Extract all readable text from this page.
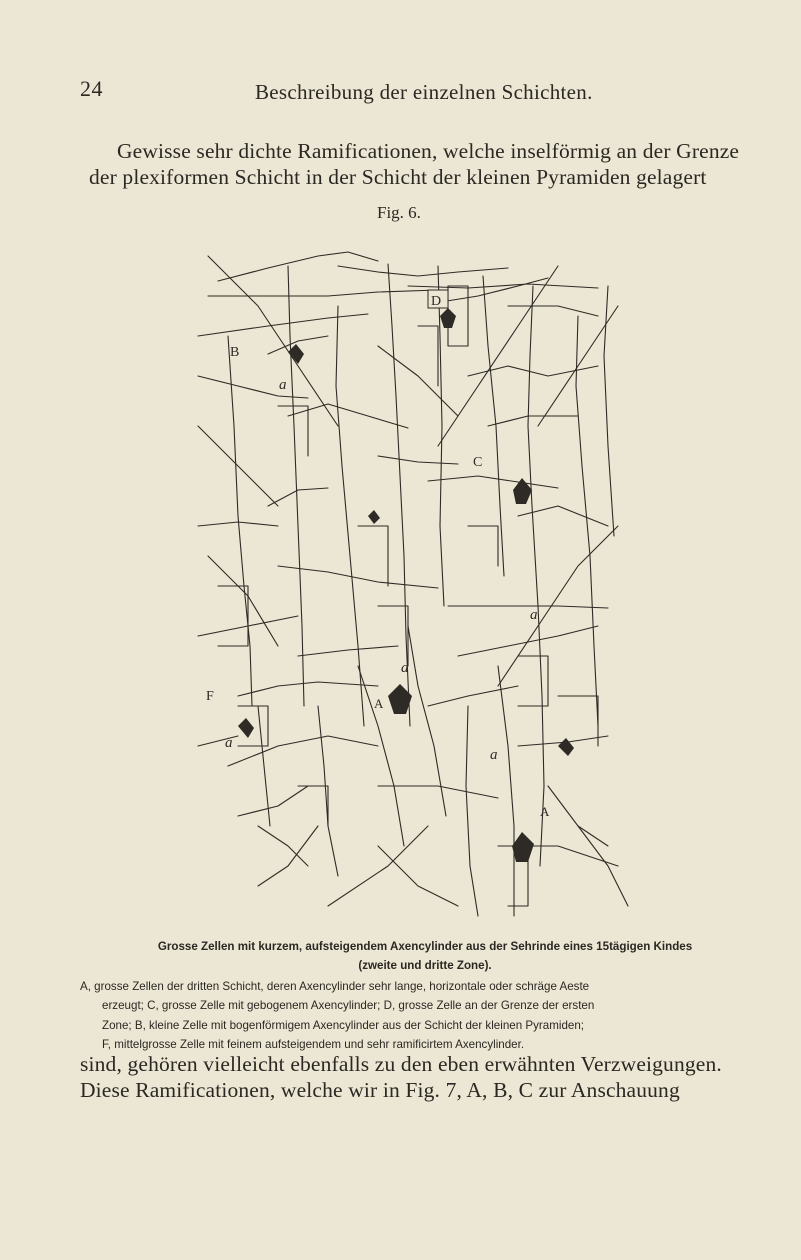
24	Beschreibung der einzelnen Schichten.
Gewisse sehr dichte Ramificationen, welche inselförmig an der Grenze
der plexiformen Schicht in der Schicht der kleinen Pyramiden gelagert
Fig. 6.
D
B
C
a
a
a
a
a
F	A
A
Grosse Zellen mit kurzem, aufsteigendem Axencylinder aus der Sehrinde eines 15tägigen Kindes
(zweite und dritte Zone).
A, grosse Zellen der dritten Schicht, deren Axencylinder sehr lange, horizontale oder schräge Aeste
erzeugt; C, grosse Zelle mit gebogenem Axencylinder; D, grosse Zelle an der Grenze der ersten
Zone; B, kleine Zelle mit bogenförmigem Axencylinder aus der Schicht der kleinen Pyramiden;
F, mittelgrosse Zelle mit feinem aufsteigendem und sehr ramificirtem Axencylinder.
sind, gehören vielleicht ebenfalls zu den eben erwähnten Verzweigungen.
Diese Ramificationen, welche wir in Fig. 7, A, B, C zur Anschauung
